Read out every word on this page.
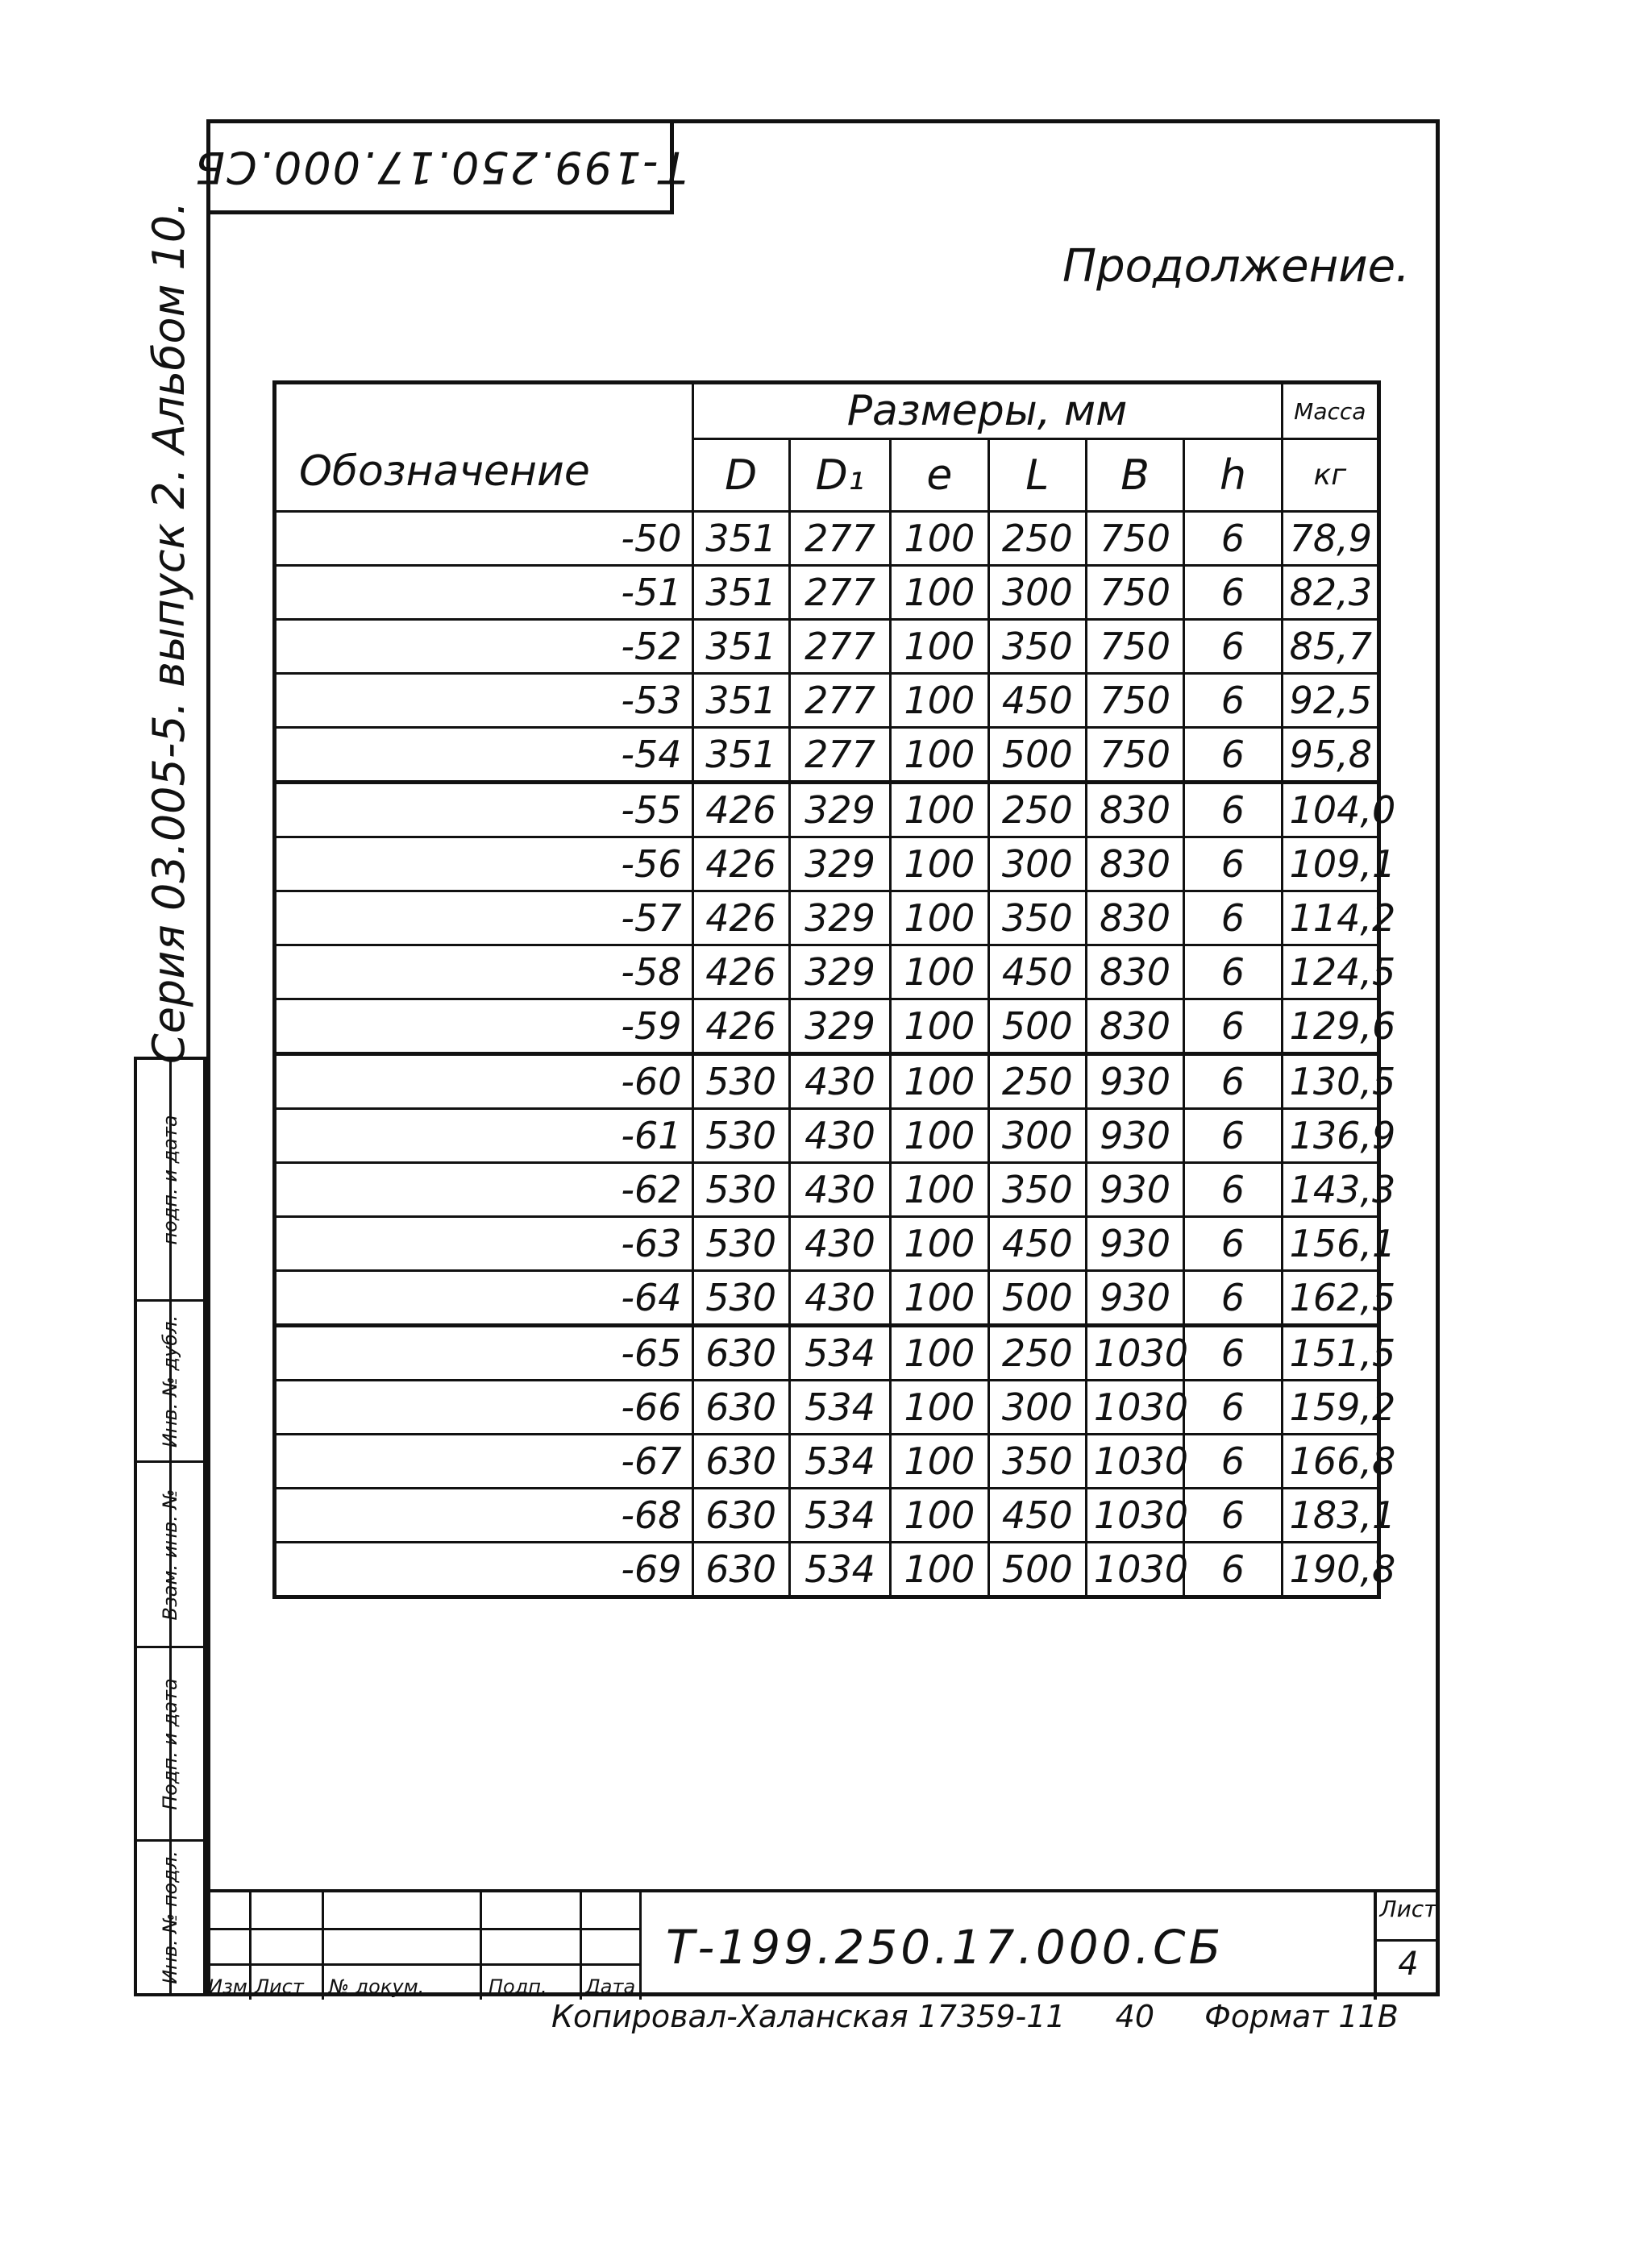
Т-199.250.17.000.СБ
Продолжение.
Серия 03.005-5. выпуск 2. Альбом 10.
подп. и дата
Инв. № дубл.
Взам. инв. №
Подп. и дата
Инв. № подл.
Обозначение	Размеры, мм						Масса
	D	D₁	e	L	B	h	кг
-50	351	277	100	250	750	6	78,9
-51	351	277	100	300	750	6	82,3
-52	351	277	100	350	750	6	85,7
-53	351	277	100	450	750	6	92,5
-54	351	277	100	500	750	6	95,8
-55	426	329	100	250	830	6	104,0
-56	426	329	100	300	830	6	109,1
-57	426	329	100	350	830	6	114,2
-58	426	329	100	450	830	6	124,5
-59	426	329	100	500	830	6	129,6
-60	530	430	100	250	930	6	130,5
-61	530	430	100	300	930	6	136,9
-62	530	430	100	350	930	6	143,3
-63	530	430	100	450	930	6	156,1
-64	530	430	100	500	930	6	162,5
-65	630	534	100	250	1030	6	151,5
-66	630	534	100	300	1030	6	159,2
-67	630	534	100	350	1030	6	166,8
-68	630	534	100	450	1030	6	183,1
-69	630	534	100	500	1030	6	190,8
Изм. Лист № докум.	Подп. Дата
Т-199.250.17.000.СБ
Лист
4
Копировал-Халанская 17359-11 40 Формат 11В
